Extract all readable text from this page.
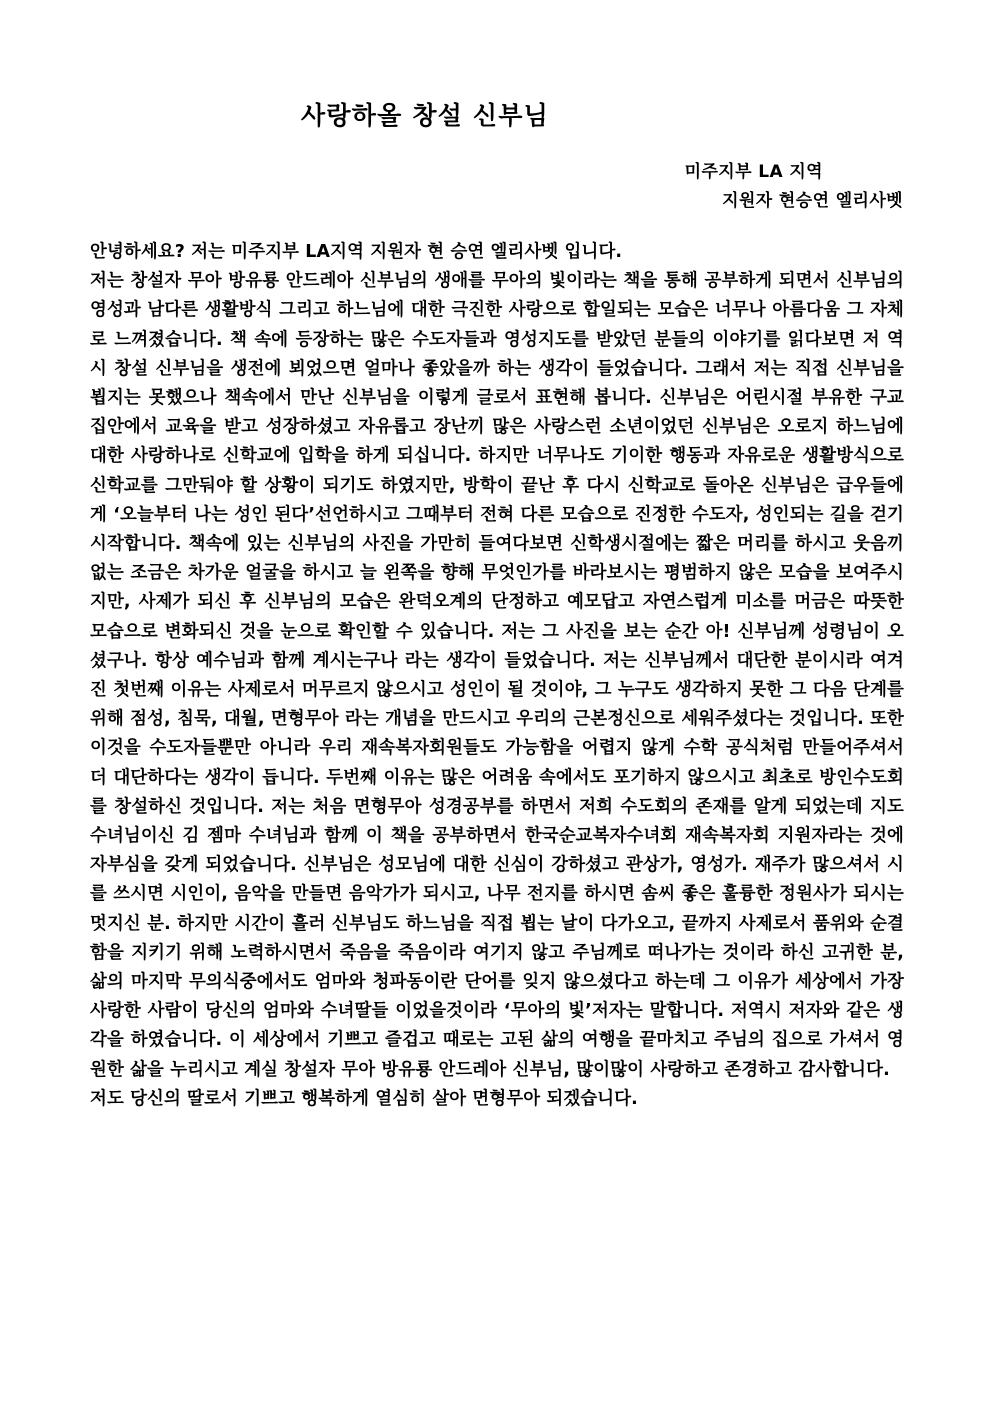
사랑하올 창설 신부님
미주지부 LA 지역
지원자 현승연 엘리사벳

안녕하세요? 저는 미주지부 LA지역 지원자 현 승연 엘리사벳 입니다.

저는 창설자 무아 방유룡 안드레아 신부님의 생애를 무아의 빛이라는 책을 통해 공부하게 되면서 신부님의 영성과 남다른 생활방식 그리고 하느님에 대한 극진한 사랑으로 합일되는 모습은 너무나 아름다움 그 자체로 느껴졌습니다. 책 속에 등장하는 많은 수도자들과 영성지도를 받았던 분들의 이야기를 읽다보면 저 역시 창설 신부님을 생전에 뵈었으면 얼마나 좋았을까 하는 생각이 들었습니다. 그래서 저는 직접 신부님을 뵙지는 못했으나 책속에서 만난 신부님을 이렇게 글로서 표현해 봅니다. 신부님은 어린시절 부유한 구교 집안에서 교육을 받고 성장하셨고 자유롭고 장난끼 많은 사랑스런 소년이었던 신부님은 오로지 하느님에 대한 사랑하나로 신학교에 입학을 하게 되십니다. 하지만 너무나도 기이한 행동과 자유로운 생활방식으로 신학교를 그만둬야 할 상황이 되기도 하였지만, 방학이 끝난 후 다시 신학교로 돌아온 신부님은 급우들에게 ‘오늘부터 나는 성인 된다’선언하시고 그때부터 전혀 다른 모습으로 진정한 수도자, 성인되는 길을 걷기 시작합니다. 책속에 있는 신부님의 사진을 가만히 들여다보면 신학생시절에는 짧은 머리를 하시고 웃음끼 없는 조금은 차가운 얼굴을 하시고 늘 왼쪽을 향해 무엇인가를 바라보시는 평범하지 않은 모습을 보여주시지만, 사제가 되신 후 신부님의 모습은 완덕오계의 단정하고 예모답고 자연스럽게 미소를 머금은 따뜻한 모습으로 변화되신 것을 눈으로 확인할 수 있습니다. 저는 그 사진을 보는 순간 아! 신부님께 성령님이 오셨구나. 항상 예수님과 함께 계시는구나 라는 생각이 들었습니다. 저는 신부님께서 대단한 분이시라 여겨진 첫번째 이유는 사제로서 머무르지 않으시고 성인이 될 것이야, 그 누구도 생각하지 못한 그 다음 단계를 위해 점성, 침묵, 대월, 면형무아 라는 개념을 만드시고 우리의 근본정신으로 세워주셨다는 것입니다. 또한 이것을 수도자들뿐만 아니라 우리 재속복자회원들도 가능함을 어렵지 않게 수학 공식처럼 만들어주셔서 더 대단하다는 생각이 듭니다. 두번째 이유는 많은 어려움 속에서도 포기하지 않으시고 최초로 방인수도회를 창설하신 것입니다. 저는 처음 면형무아 성경공부를 하면서 저희 수도회의 존재를 알게 되었는데 지도수녀님이신 김 젬마 수녀님과 함께 이 책을 공부하면서 한국순교복자수녀회 재속복자회 지원자라는 것에 자부심을 갖게 되었습니다. 신부님은 성모님에 대한 신심이 강하셨고 관상가, 영성가. 재주가 많으셔서 시를 쓰시면 시인이, 음악을 만들면 음악가가 되시고, 나무 전지를 하시면 솜씨 좋은 훌륭한 정원사가 되시는 멋지신 분. 하지만 시간이 흘러 신부님도 하느님을 직접 뵙는 날이 다가오고, 끝까지 사제로서 품위와 순결함을 지키기 위해 노력하시면서 죽음을 죽음이라 여기지 않고 주님께로 떠나가는 것이라 하신 고귀한 분, 삶의 마지막 무의식중에서도 엄마와 청파동이란 단어를 잊지 않으셨다고 하는데 그 이유가 세상에서 가장 사랑한 사람이 당신의 엄마와 수녀딸들 이었을것이라 ‘무아의 빛’저자는 말합니다. 저역시 저자와 같은 생각을 하였습니다. 이 세상에서 기쁘고 즐겁고 때로는 고된 삶의 여행을 끝마치고 주님의 집으로 가셔서 영원한 삶을 누리시고 계실 창설자 무아 방유룡 안드레아 신부님, 많이많이 사랑하고 존경하고 감사합니다.

저도 당신의 딸로서 기쁘고 행복하게 열심히 살아 면형무아 되겠습니다.
